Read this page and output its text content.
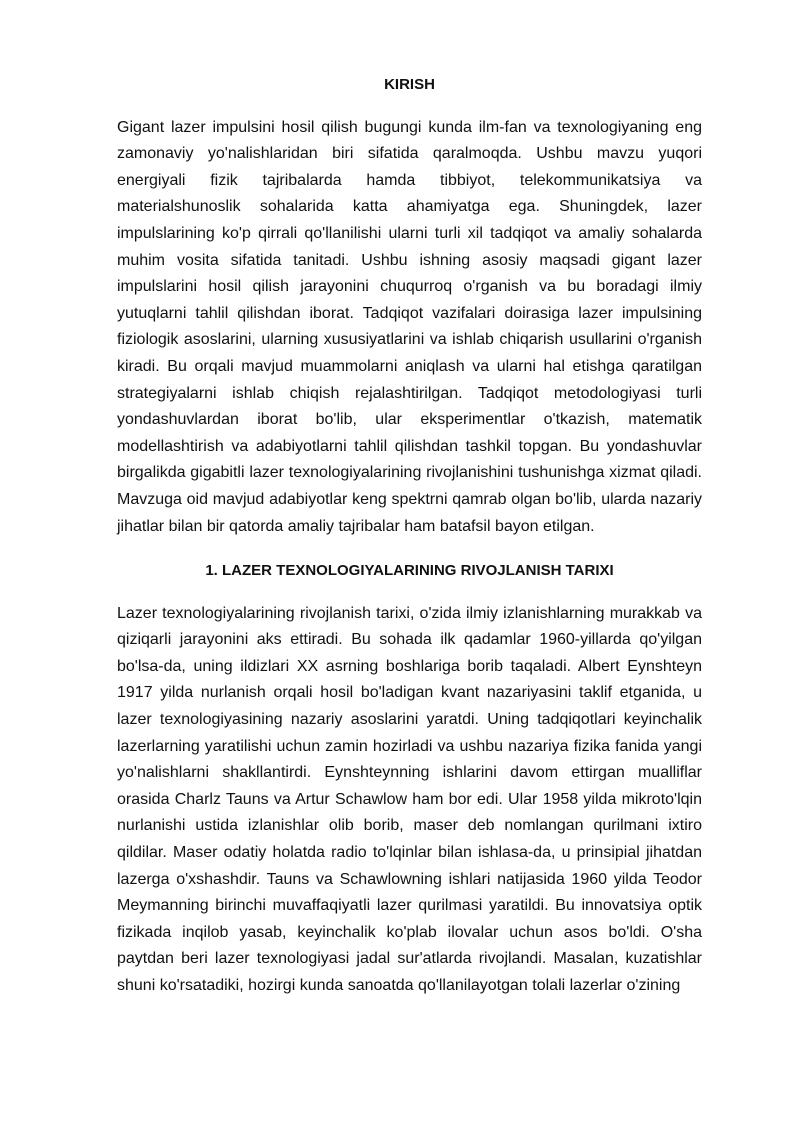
KIRISH

Gigant lazer impulsini hosil qilish bugungi kunda ilm-fan va texnologiyaning eng zamonaviy yo'nalishlaridan biri sifatida qaralmoqda. Ushbu mavzu yuqori energiyali fizik tajribalarda hamda tibbiyot, telekommunikatsiya va materialshunoslik sohalarida katta ahamiyatga ega. Shuningdek, lazer impulslarining ko'p qirrali qo'llanilishi ularni turli xil tadqiqot va amaliy sohalarda muhim vosita sifatida tanitadi. Ushbu ishning asosiy maqsadi gigant lazer impulslarini hosil qilish jarayonini chuqurroq o'rganish va bu boradagi ilmiy yutuqlarni tahlil qilishdan iborat. Tadqiqot vazifalari doirasiga lazer impulsining fiziologik asoslarini, ularning xususiyatlarini va ishlab chiqarish usullarini o'rganish kiradi. Bu orqali mavjud muammolarni aniqlash va ularni hal etishga qaratilgan strategiyalarni ishlab chiqish rejalashtirilgan. Tadqiqot metodologiyasi turli yondashuvlardan iborat bo'lib, ular eksperimentlar o'tkazish, matematik modellashtirish va adabiyotlarni tahlil qilishdan tashkil topgan. Bu yondashuvlar birgalikda gigabitli lazer texnologiyalarining rivojlanishini tushunishga xizmat qiladi. Mavzuga oid mavjud adabiyotlar keng spektrni qamrab olgan bo'lib, ularda nazariy jihatlar bilan bir qatorda amaliy tajribalar ham batafsil bayon etilgan.

1. LAZER TEXNOLOGIYALARINING RIVOJLANISH TARIXI

Lazer texnologiyalarining rivojlanish tarixi, o'zida ilmiy izlanishlarning murakkab va qiziqarli jarayonini aks ettiradi. Bu sohada ilk qadamlar 1960-yillarda qo'yilgan bo'lsa-da, uning ildizlari XX asrning boshlariga borib taqaladi. Albert Eynshteyn 1917 yilda nurlanish orqali hosil bo'ladigan kvant nazariyasini taklif etganida, u lazer texnologiyasining nazariy asoslarini yaratdi. Uning tadqiqotlari keyinchalik lazerlarning yaratilishi uchun zamin hozirladi va ushbu nazariya fizika fanida yangi yo'nalishlarni shakllantirdi. Eynshteynning ishlarini davom ettirgan mualliflar orasida Charlz Tauns va Artur Schawlow ham bor edi. Ular 1958 yilda mikroto'lqin nurlanishi ustida izlanishlar olib borib, maser deb nomlangan qurilmani ixtiro qildilar. Maser odatiy holatda radio to'lqinlar bilan ishlasa-da, u prinsipial jihatdan lazerga o'xshashdir. Tauns va Schawlowning ishlari natijasida 1960 yilda Teodor Meymanning birinchi muvaffaqiyatli lazer qurilmasi yaratildi. Bu innovatsiya optik fizikada inqilob yasab, keyinchalik ko'plab ilovalar uchun asos bo'ldi. O'sha paytdan beri lazer texnologiyasi jadal sur'atlarda rivojlandi. Masalan, kuzatishlar shuni ko'rsatadiki, hozirgi kunda sanoatda qo'llanilayotgan tolali lazerlar o'zining
